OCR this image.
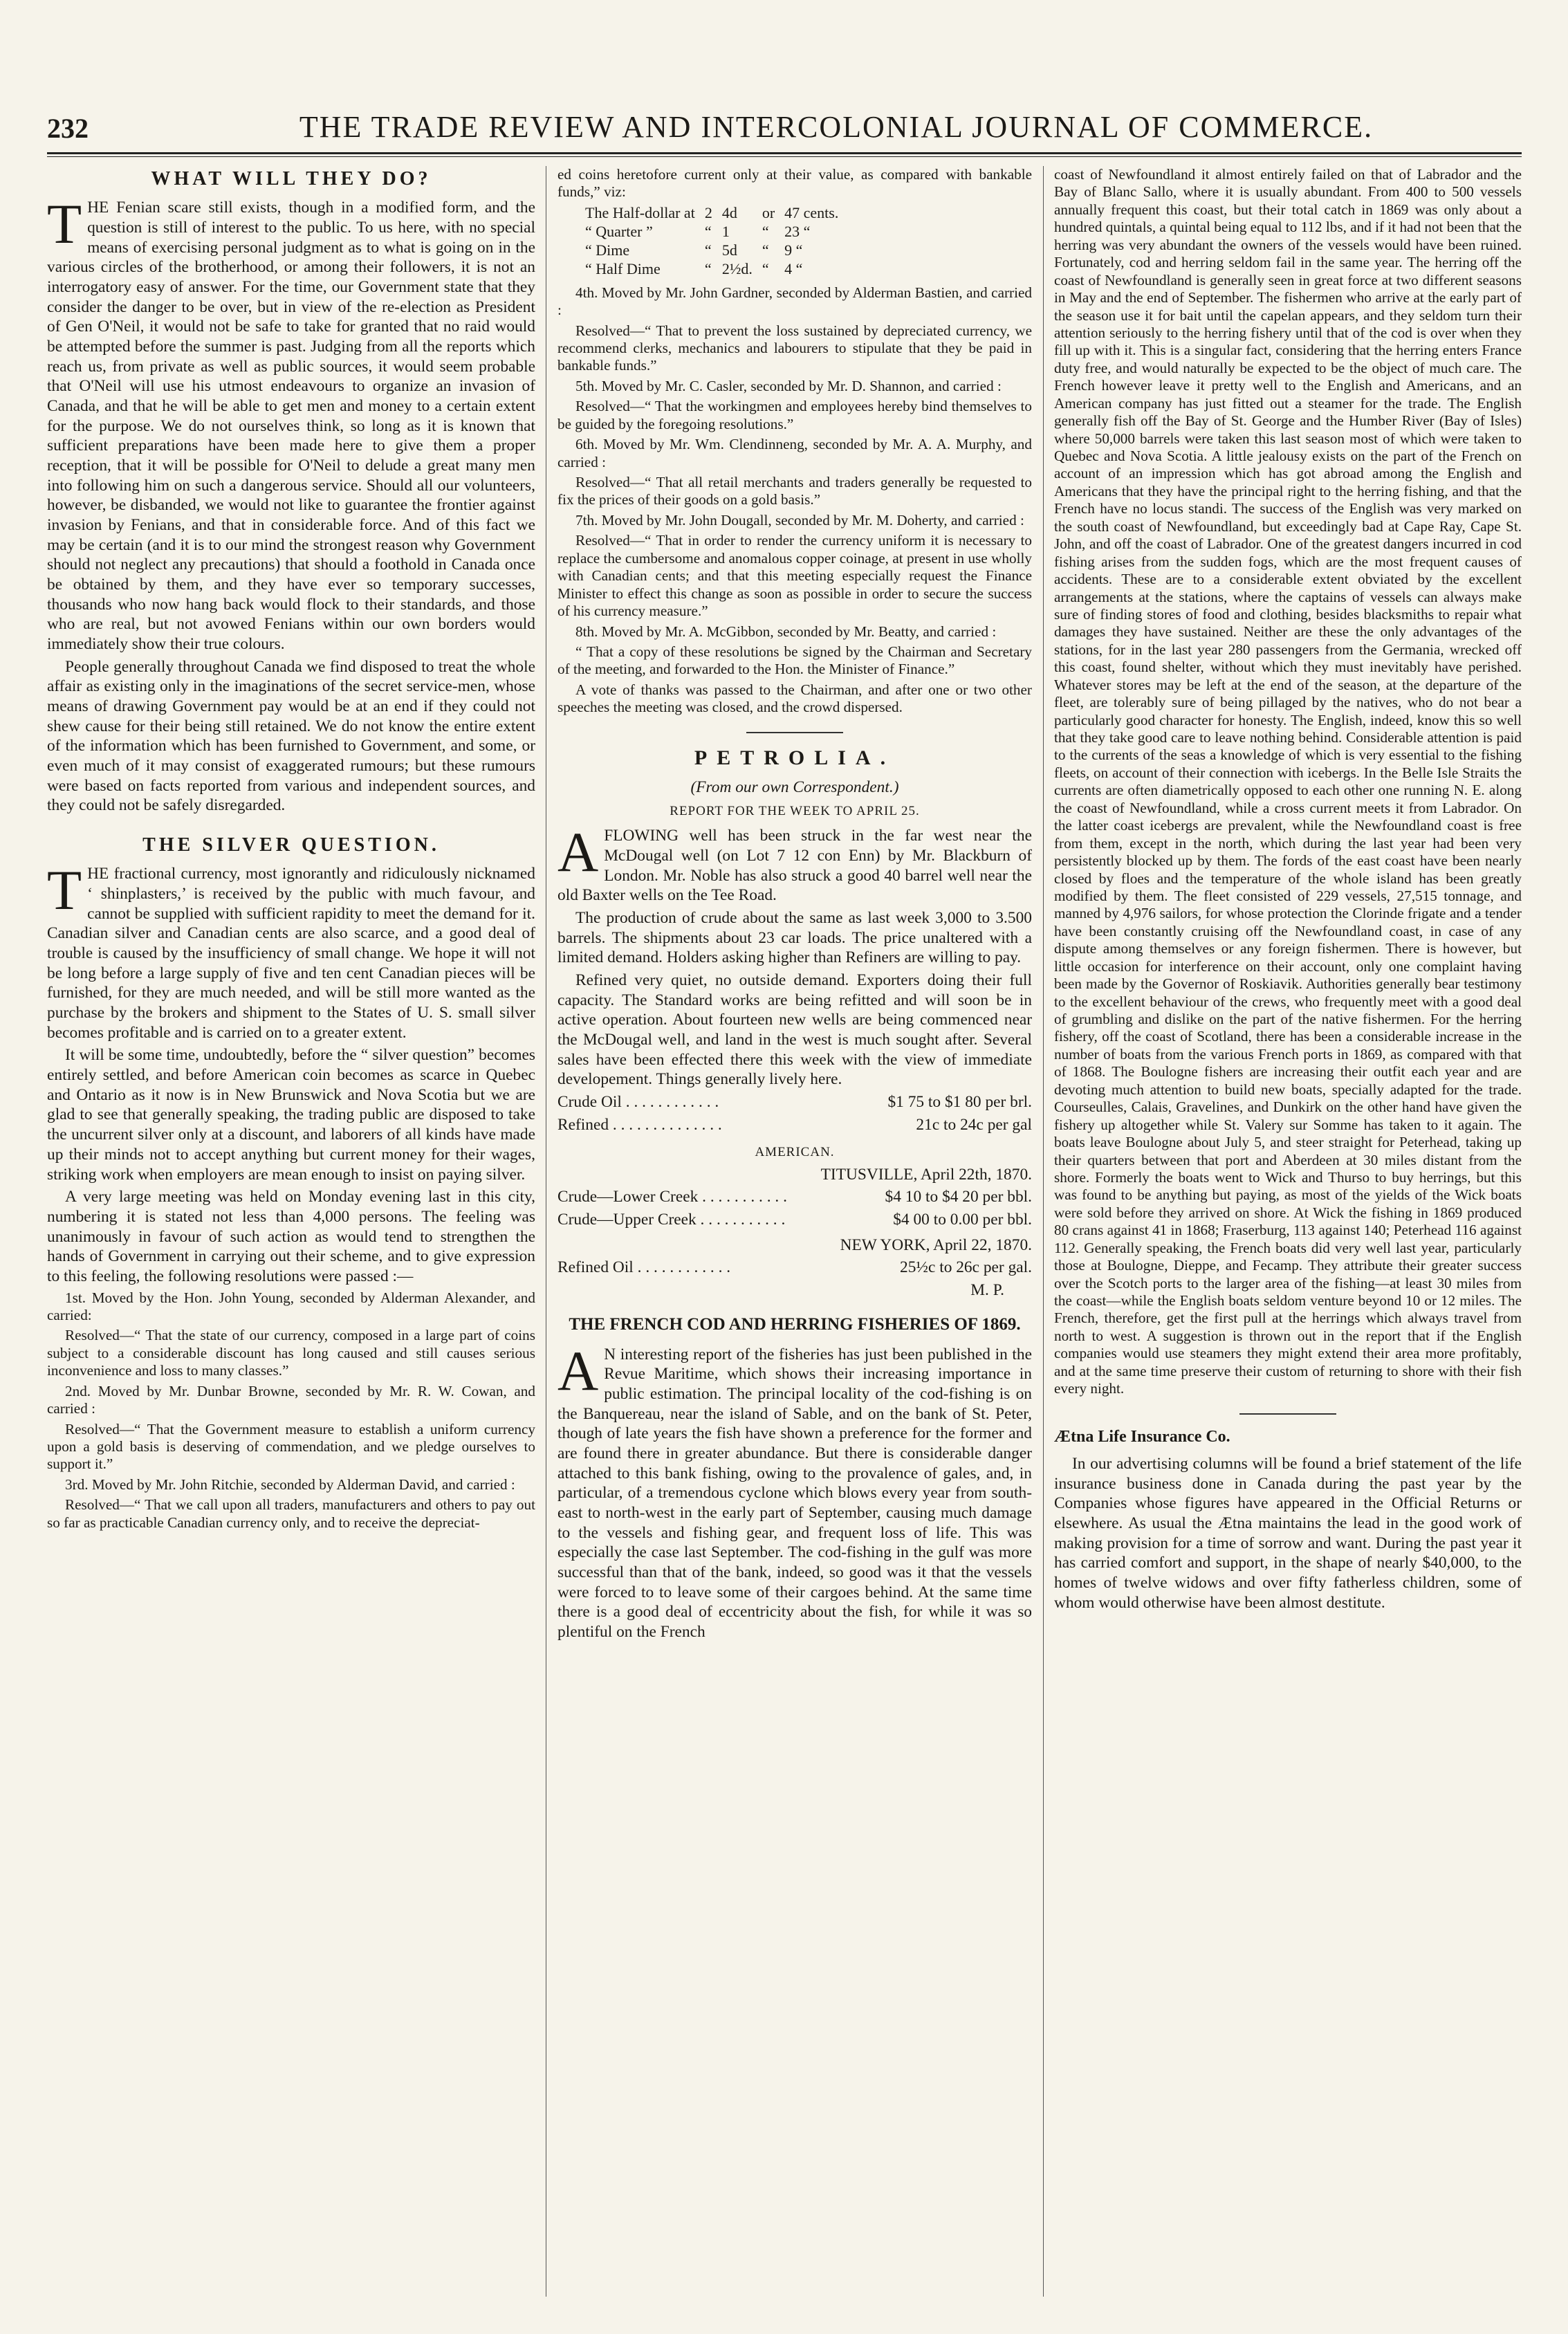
232	THE TRADE REVIEW AND INTERCOLONIAL JOURNAL OF COMMERCE.
WHAT WILL THEY DO?

THE Fenian scare still exists, though in a modified form, and the question is still of interest to the public. To us here, with no special means of exercising personal judgment as to what is going on in the various circles of the brotherhood, or among their followers, it is not an interrogatory easy of answer. For the time, our Government state that they consider the danger to be over, but in view of the re-election as President of Gen O'Neil, it would not be safe to take for granted that no raid would be attempted before the summer is past. Judging from all the reports which reach us, from private as well as public sources, it would seem probable that O'Neil will use his utmost endeavours to organize an invasion of Canada, and that he will be able to get men and money to a certain extent for the purpose. We do not ourselves think, so long as it is known that sufficient preparations have been made here to give them a proper reception, that it will be possible for O'Neil to delude a great many men into following him on such a dangerous service. Should all our volunteers, however, be disbanded, we would not like to guarantee the frontier against invasion by Fenians, and that in considerable force. And of this fact we may be certain (and it is to our mind the strongest reason why Government should not neglect any precautions) that should a foothold in Canada once be obtained by them, and they have ever so temporary successes, thousands who now hang back would flock to their standards, and those who are real, but not avowed Fenians within our own borders would immediately show their true colours.

People generally throughout Canada we find disposed to treat the whole affair as existing only in the imaginations of the secret service-men, whose means of drawing Government pay would be at an end if they could not shew cause for their being still retained. We do not know the entire extent of the information which has been furnished to Government, and some, or even much of it may consist of exaggerated rumours; but these rumours were based on facts reported from various and independent sources, and they could not be safely disregarded.

THE SILVER QUESTION.

THE fractional currency, most ignorantly and ridiculously nicknamed ‘ shinplasters,’ is received by the public with much favour, and cannot be supplied with sufficient rapidity to meet the demand for it. Canadian silver and Canadian cents are also scarce, and a good deal of trouble is caused by the insufficiency of small change. We hope it will not be long before a large supply of five and ten cent Canadian pieces will be furnished, for they are much needed, and will be still more wanted as the purchase by the brokers and shipment to the States of U. S. small silver becomes profitable and is carried on to a greater extent.

It will be some time, undoubtedly, before the “ silver question” becomes entirely settled, and before American coin becomes as scarce in Quebec and Ontario as it now is in New Brunswick and Nova Scotia but we are glad to see that generally speaking, the trading public are disposed to take the uncurrent silver only at a discount, and laborers of all kinds have made up their minds not to accept anything but current money for their wages, striking work when employers are mean enough to insist on paying silver.

A very large meeting was held on Monday evening last in this city, numbering it is stated not less than 4,000 persons. The feeling was unanimously in favour of such action as would tend to strengthen the hands of Government in carrying out their scheme, and to give expression to this feeling, the following resolutions were passed :—

1st. Moved by the Hon. John Young, seconded by Alderman Alexander, and carried:

Resolved—“ That the state of our currency, composed in a large part of coins subject to a considerable discount has long caused and still causes serious inconvenience and loss to many classes.”

2nd. Moved by Mr. Dunbar Browne, seconded by Mr. R. W. Cowan, and carried :

Resolved—“ That the Government measure to establish a uniform currency upon a gold basis is deserving of commendation, and we pledge ourselves to support it.”

3rd. Moved by Mr. John Ritchie, seconded by Alderman David, and carried :

Resolved—“ That we call upon all traders, manufacturers and others to pay out so far as practicable Canadian currency only, and to receive the depreciat-

ed coins heretofore current only at their value, as compared with bankable funds,” viz:

The Half-dollar at	2	4d	or	47 cents.
“ Quarter ”	“	1	“	23 “
“ Dime	“	5d	“	9 “
“ Half Dime	“	2½d.	“	4 “

4th. Moved by Mr. John Gardner, seconded by Alderman Bastien, and carried :

Resolved—“ That to prevent the loss sustained by depreciated currency, we recommend clerks, mechanics and labourers to stipulate that they be paid in bankable funds.”

5th. Moved by Mr. C. Casler, seconded by Mr. D. Shannon, and carried :

Resolved—“ That the workingmen and employees hereby bind themselves to be guided by the foregoing resolutions.”

6th. Moved by Mr. Wm. Clendinneng, seconded by Mr. A. A. Murphy, and carried :

Resolved—“ That all retail merchants and traders generally be requested to fix the prices of their goods on a gold basis.”

7th. Moved by Mr. John Dougall, seconded by Mr. M. Doherty, and carried :

Resolved—“ That in order to render the currency uniform it is necessary to replace the cumbersome and anomalous copper coinage, at present in use wholly with Canadian cents; and that this meeting especially request the Finance Minister to effect this change as soon as possible in order to secure the success of his currency measure.”

8th. Moved by Mr. A. McGibbon, seconded by Mr. Beatty, and carried :

“ That a copy of these resolutions be signed by the Chairman and Secretary of the meeting, and forwarded to the Hon. the Minister of Finance.”

A vote of thanks was passed to the Chairman, and after one or two other speeches the meeting was closed, and the crowd dispersed.

PETROLIA.

(From our own Correspondent.)

REPORT FOR THE WEEK TO APRIL 25.

AFLOWING well has been struck in the far west near the McDougal well (on Lot 7 12 con Enn) by Mr. Blackburn of London. Mr. Noble has also struck a good 40 barrel well near the old Baxter wells on the Tee Road.

The production of crude about the same as last week 3,000 to 3.500 barrels. The shipments about 23 car loads. The price unaltered with a limited demand. Holders asking higher than Refiners are willing to pay.

Refined very quiet, no outside demand. Exporters doing their full capacity. The Standard works are being refitted and will soon be in active operation. About fourteen new wells are being commenced near the McDougal well, and land in the west is much sought after. Several sales have been effected there this week with the view of immediate developement. Things generally lively here.

Crude Oil . . . . . . . . . . . .	$1 75 to $1 80 per brl.

Refined . . . . . . . . . . . . . .	21c to 24c per gal

AMERICAN.

TITUSVILLE, April 22th, 1870.

Crude—Lower Creek . . . . . . . . . . .	$4 10 to $4 20 per bbl.

Crude—Upper Creek . . . . . . . . . . .	$4 00 to 0.00 per bbl.

NEW YORK, April 22, 1870.

Refined Oil . . . . . . . . . . . .	25½c to 26c per gal.

M. P.

THE FRENCH COD AND HERRING FISHERIES OF 1869.

AN interesting report of the fisheries has just been published in the Revue Maritime, which shows their increasing importance in public estimation. The principal locality of the cod-fishing is on the Banquereau, near the island of Sable, and on the bank of St. Peter, though of late years the fish have shown a preference for the former and are found there in greater abundance. But there is considerable danger attached to this bank fishing, owing to the provalence of gales, and, in particular, of a tremendous cyclone which blows every year from south-east to north-west in the early part of September, causing much damage to the vessels and fishing gear, and frequent loss of life. This was especially the case last September. The cod-fishing in the gulf was more successful than that of the bank, indeed, so good was it that the vessels were forced to to leave some of their cargoes behind. At the same time there is a good deal of eccentricity about the fish, for while it was so plentiful on the French

coast of Newfoundland it almost entirely failed on that of Labrador and the Bay of Blanc Sallo, where it is usually abundant. From 400 to 500 vessels annually frequent this coast, but their total catch in 1869 was only about a hundred quintals, a quintal being equal to 112 lbs, and if it had not been that the herring was very abundant the owners of the vessels would have been ruined. Fortunately, cod and herring seldom fail in the same year. The herring off the coast of Newfoundland is generally seen in great force at two different seasons in May and the end of September. The fishermen who arrive at the early part of the season use it for bait until the capelan appears, and they seldom turn their attention seriously to the herring fishery until that of the cod is over when they fill up with it. This is a singular fact, considering that the herring enters France duty free, and would naturally be expected to be the object of much care. The French however leave it pretty well to the English and Americans, and an American company has just fitted out a steamer for the trade. The English generally fish off the Bay of St. George and the Humber River (Bay of Isles) where 50,000 barrels were taken this last season most of which were taken to Quebec and Nova Scotia. A little jealousy exists on the part of the French on account of an impression which has got abroad among the English and Americans that they have the principal right to the herring fishing, and that the French have no locus standi. The success of the English was very marked on the south coast of Newfoundland, but exceedingly bad at Cape Ray, Cape St. John, and off the coast of Labrador. One of the greatest dangers incurred in cod fishing arises from the sudden fogs, which are the most frequent causes of accidents. These are to a considerable extent obviated by the excellent arrangements at the stations, where the captains of vessels can always make sure of finding stores of food and clothing, besides blacksmiths to repair what damages they have sustained. Neither are these the only advantages of the stations, for in the last year 280 passengers from the Germania, wrecked off this coast, found shelter, without which they must inevitably have perished. Whatever stores may be left at the end of the season, at the departure of the fleet, are tolerably sure of being pillaged by the natives, who do not bear a particularly good character for honesty. The English, indeed, know this so well that they take good care to leave nothing behind. Considerable attention is paid to the currents of the seas a knowledge of which is very essential to the fishing fleets, on account of their connection with icebergs. In the Belle Isle Straits the currents are often diametrically opposed to each other one running N. E. along the coast of Newfoundland, while a cross current meets it from Labrador. On the latter coast icebergs are prevalent, while the Newfoundland coast is free from them, except in the north, which during the last year had been very persistently blocked up by them. The fords of the east coast have been nearly closed by floes and the temperature of the whole island has been greatly modified by them. The fleet consisted of 229 vessels, 27,515 tonnage, and manned by 4,976 sailors, for whose protection the Clorinde frigate and a tender have been constantly cruising off the Newfoundland coast, in case of any dispute among themselves or any foreign fishermen. There is however, but little occasion for interference on their account, only one complaint having been made by the Governor of Roskiavik. Authorities generally bear testimony to the excellent behaviour of the crews, who frequently meet with a good deal of grumbling and dislike on the part of the native fishermen. For the herring fishery, off the coast of Scotland, there has been a considerable increase in the number of boats from the various French ports in 1869, as compared with that of 1868. The Boulogne fishers are increasing their outfit each year and are devoting much attention to build new boats, specially adapted for the trade. Courseulles, Calais, Gravelines, and Dunkirk on the other hand have given the fishery up altogether while St. Valery sur Somme has taken to it again. The boats leave Boulogne about July 5, and steer straight for Peterhead, taking up their quarters between that port and Aberdeen at 30 miles distant from the shore. Formerly the boats went to Wick and Thurso to buy herrings, but this was found to be anything but paying, as most of the yields of the Wick boats were sold before they arrived on shore. At Wick the fishing in 1869 produced 80 crans against 41 in 1868; Fraserburg, 113 against 140; Peterhead 116 against 112. Generally speaking, the French boats did very well last year, particularly those at Boulogne, Dieppe, and Fecamp. They attribute their greater success over the Scotch ports to the larger area of the fishing—at least 30 miles from the coast—while the English boats seldom venture beyond 10 or 12 miles. The French, therefore, get the first pull at the herrings which always travel from north to west. A suggestion is thrown out in the report that if the English companies would use steamers they might extend their area more profitably, and at the same time preserve their custom of returning to shore with their fish every night.

Ætna Life Insurance Co.

In our advertising columns will be found a brief statement of the life insurance business done in Canada during the past year by the Companies whose figures have appeared in the Official Returns or elsewhere. As usual the Ætna maintains the lead in the good work of making provision for a time of sorrow and want. During the past year it has carried comfort and support, in the shape of nearly $40,000, to the homes of twelve widows and over fifty fatherless children, some of whom would otherwise have been almost destitute.
